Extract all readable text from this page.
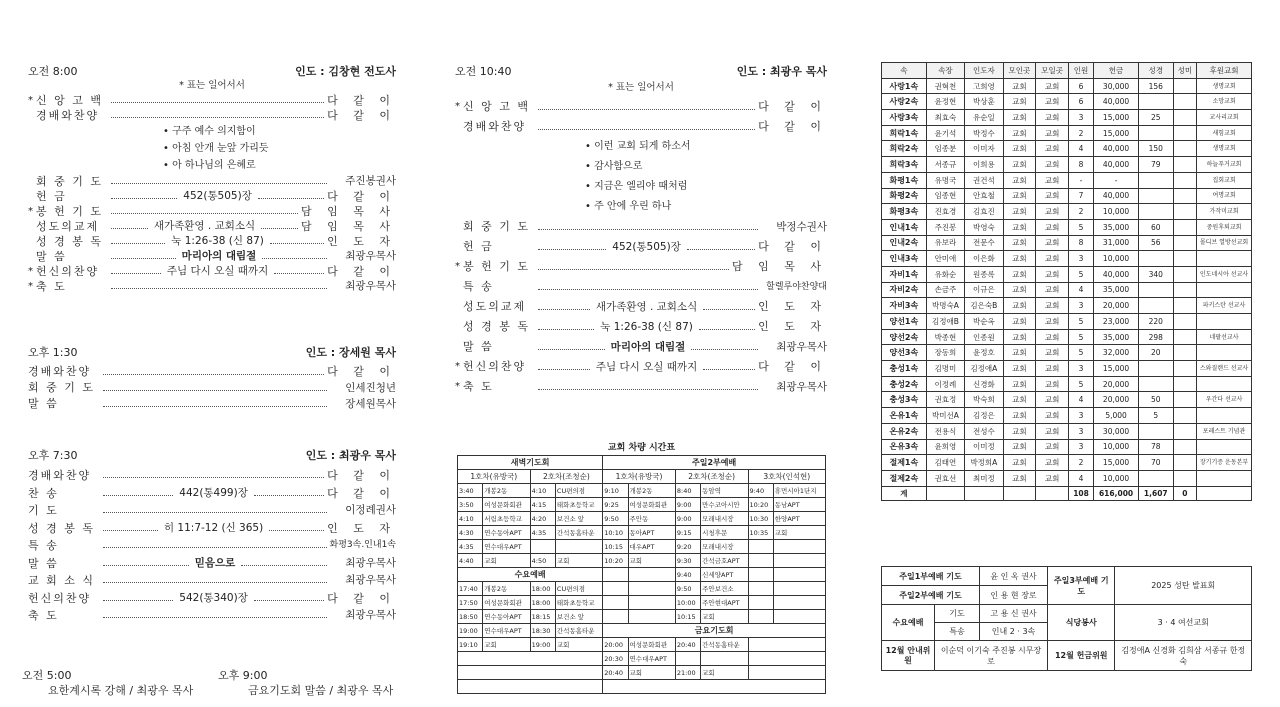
오전 8:00	인도 : 김창현 전도사
* 표는 일어서서
* 신 앙 고 백	다 같 이
경배와찬양	다 같 이
• 구주 예수 의지함이
• 아침 안개 눈앞 가리듯
• 아 하나님의 은혜로
회 중 기 도	주진봉권사
헌 금	452(통505)장	다 같 이
* 봉 헌 기 도	담 임 목 사
성도의교제	새가족환영 . 교회소식	담 임 목 사
성 경 봉 독	눅 1:26-38 (신 87)	인 도 자
말 씀	마리아의 대림절	최광우목사
* 헌신의찬양	주님 다시 오실 때까지	다 같 이
* 축 도	최광우목사
오후 1:30	인도 : 장세원 목사
경배와찬양	다 같 이
회 중 기 도	인세진청년
말 씀	장세원목사
오후 7:30	인도 : 최광우 목사
경배와찬양	다 같 이
찬 송	442(통499)장	다 같 이
기 도	이정례권사
성 경 봉 독	히 11:7-12 (신 365)	인 도 자
특 송	화평3속.인내1속
말 씀	믿음으로	최광우목사
교 회 소 식	최광우목사
헌신의찬양	542(통340)장	다 같 이
축 도	최광우목사
오전 5:00
요한계시록 강해 / 최광우 목사
오후 9:00
금요기도회 말씀 / 최광우 목사
오전 10:40	인도 : 최광우 목사
* 표는 일어서서
* 신 앙 고 백	다 같 이
경배와찬양	다 같 이
• 이런 교회 되게 하소서
• 감사함으로
• 지금은 엘리야 때처럼
• 주 안에 우린 하나
회 중 기 도	박정수권사
헌 금	452(통505)장	다 같 이
* 봉 헌 기 도	담 임 목 사
특 송	할렐루야찬양대
성도의교제	새가족환영 . 교회소식	인 도 자
성 경 봉 독	눅 1:26-38 (신 87)	인 도 자
말 씀	마리아의 대림절	최광우목사
* 헌신의찬양	주님 다시 오실 때까지	다 같 이
* 축 도	최광우목사
교회 차량 시간표
새벽기도회				주일2부예배					
1호차(유방국)		2호차(조청순)		1호차(유방국)		2호차(조청순)		3호차(인석현)	
3:40	개봉2동	4:10	CU편의점	9:10	개봉2동	8:40	동암역	9:40	휴먼시아1단지
3:50	여성문화회관	4:15	태화초등학교	9:25	여성문화회관	9:00	만수코아시안	10:20	동남APT
4:10	서림초등학교	4:20	보건소 앞	9:50	주안동	9:00	모래내시장	10:30	한양APT
4:30	연수동아APT	4:35	간석동홈타운	10:10	동아APT	9:15	시청후문	10:35	교회
4:35	연수대우APT			10:15	대우APT	9:20	모래내시장		
4:40	교회	4:50	교회	10:20	교회	9:30	간석금호APT		
수요예배						9:40	신세양APT		
17:40	개봉2동	18:00	CU편의점			9:50	주안보건소		
17:50	여성문화회관	18:00	태화초등학교			10:00	주안현대APT		
18:50	연수동아APT	18:15	보건소 앞			10:15	교회		
19:00	연수대우APT	18:30	간석동홈타운	금요기도회					
19:10	교회	19:00	교회	20:00	여성문화회관	20:40	간석동홈타운		
				20:30	연수대우APT				
				20:40	교회	21:00	교회		

속	속장	인도자	모인곳	모일곳	인원	헌금	성경	성미	후원교회
사랑1속	권혁천	고희영	교회	교회	6	30,000	156		생명교회
사랑2속	윤정현	박상훈	교회	교회	6	40,000			소망교회
사랑3속	최효숙	유순일	교회	교회	3	15,000	25		교사리교회
희락1속	윤기석	박정수	교회	교회	2	15,000			새힘교회
희락2속	임종분	이미자	교회	교회	4	40,000	150		생명교회
희락3속	서종규	이희용	교회	교회	8	40,000	79		하늘푸거교회
화평1속	유명국	권건석	교회	교회	-	-			집회교회
화평2속	임종현	안효철	교회	교회	7	40,000			여명교회
화평3속	진효경	김효진	교회	교회	2	10,000			가작미교회
인내1속	주진봉	박영숙	교회	교회	5	35,000	60		중원후퇴교회
인내2속	유보라	전문수	교회	교회	8	31,000	56		몰디브 열방선교회
인내3속	안미애	이은화	교회	교회	3	10,000			
자비1속	유화순	원종록	교회	교회	5	40,000	340		인도네시아 선교사
자비2속	손금주	이규은	교회	교회	4	35,000			
자비3속	박명숙A	김은숙B	교회	교회	3	20,000			파키스탄 선교사
양선1속	김정애B	박순옥	교회	교회	5	23,000	220		
양선2속	박종현	인종원	교회	교회	5	35,000	298		네팔선교사
양선3속	장동희	윤정호	교회	교회	5	32,000	20		
충성1속	김명미	김정애A	교회	교회	3	15,000			스와질랜드 선교사
충성2속	이정례	신경화	교회	교회	5	20,000			
충성3속	권효정	박숙희	교회	교회	4	20,000	50		우간다 선교사
온유1속	박미선A	김정은	교회	교회	3	5,000	5		
온유2속	전용식	전성수	교회	교회	3	30,000			포레스트 기념관
온유3속	윤희영	이미정	교회	교회	3	10,000	78		
절제1속	김태연	박정희A	교회	교회	2	15,000	70		장기기증 운동본부
절제2속	권효선	최미정	교회	교회	4	10,000			
계					108	616,000	1,607	0	
주일1부예배 기도		윤 인 옥 권사	주일3부예배 기도	2025 성탄 발표회
주일2부예배 기도		인 용 현 장로		
수요예배	기도	고 용 신 권사	식당봉사	3 · 4 여선교회
	특송	인내 2 · 3속		
12월 안내위원	이순덕 이기숙 주진봉 시무장로		12월 헌금위원	김정애A 신경화 김희삼 서종규 한정숙
